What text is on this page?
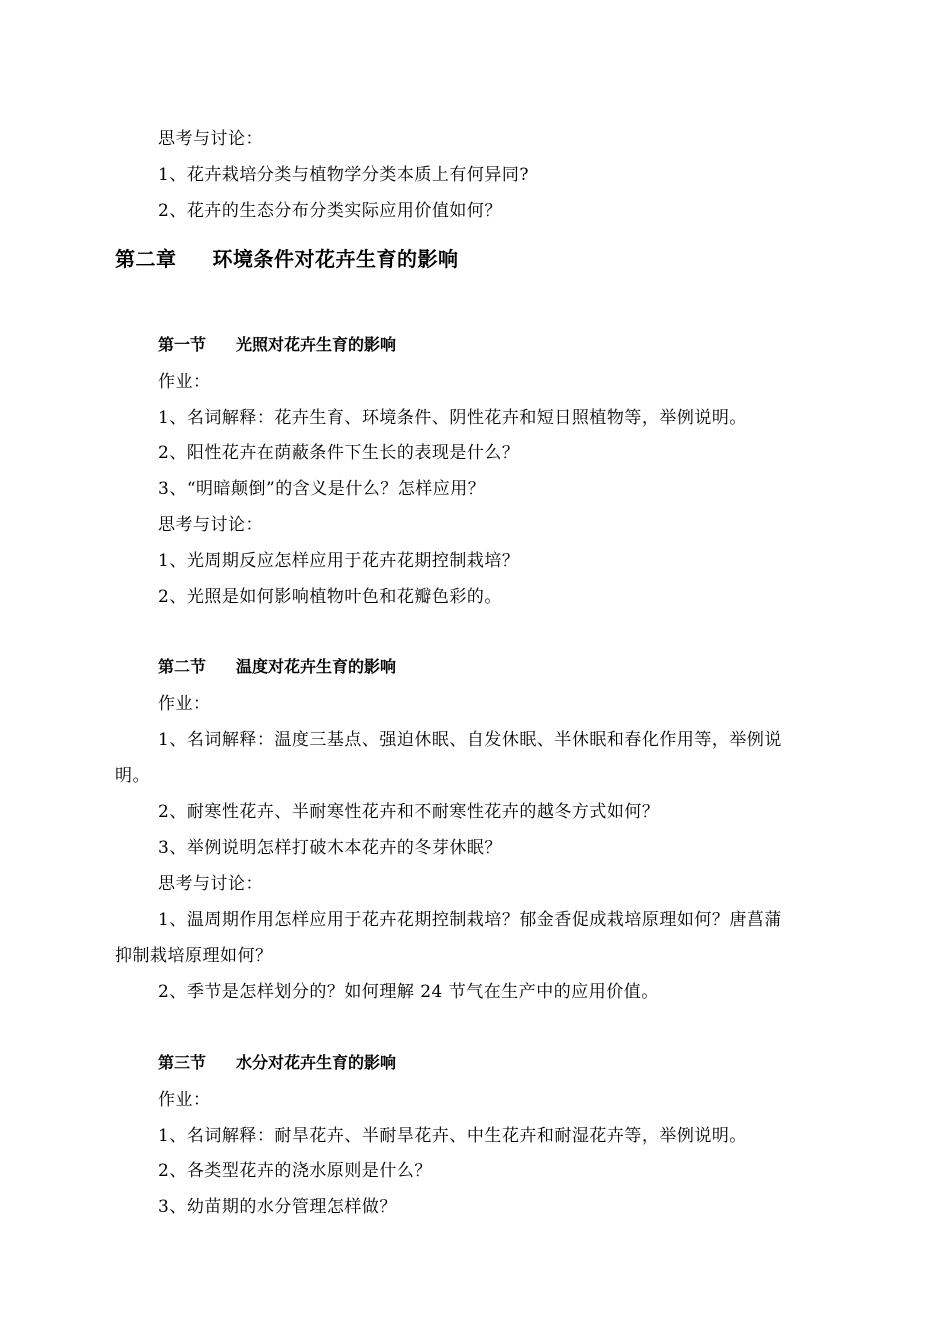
思考与讨论：
1、花卉栽培分类与植物学分类本质上有何异同?
2、花卉的生态分布分类实际应用价值如何？
第二章 环境条件对花卉生育的影响
第一节 光照对花卉生育的影响
作业：
1、名词解释：花卉生育、环境条件、阴性花卉和短日照植物等，举例说明。
2、阳性花卉在荫蔽条件下生长的表现是什么？
3、“明暗颠倒”的含义是什么？怎样应用？
思考与讨论：
1、光周期反应怎样应用于花卉花期控制栽培？
2、光照是如何影响植物叶色和花瓣色彩的。
第二节 温度对花卉生育的影响
作业：
1、名词解释：温度三基点、强迫休眠、自发休眠、半休眠和春化作用等，举例说
明。
2、耐寒性花卉、半耐寒性花卉和不耐寒性花卉的越冬方式如何？
3、举例说明怎样打破木本花卉的冬芽休眠？
思考与讨论：
1、温周期作用怎样应用于花卉花期控制栽培？郁金香促成栽培原理如何？唐菖蒲
抑制栽培原理如何？
2、季节是怎样划分的？如何理解 24 节气在生产中的应用价值。
第三节 水分对花卉生育的影响
作业：
1、名词解释：耐旱花卉、半耐旱花卉、中生花卉和耐湿花卉等，举例说明。
2、各类型花卉的浇水原则是什么？
3、幼苗期的水分管理怎样做？
